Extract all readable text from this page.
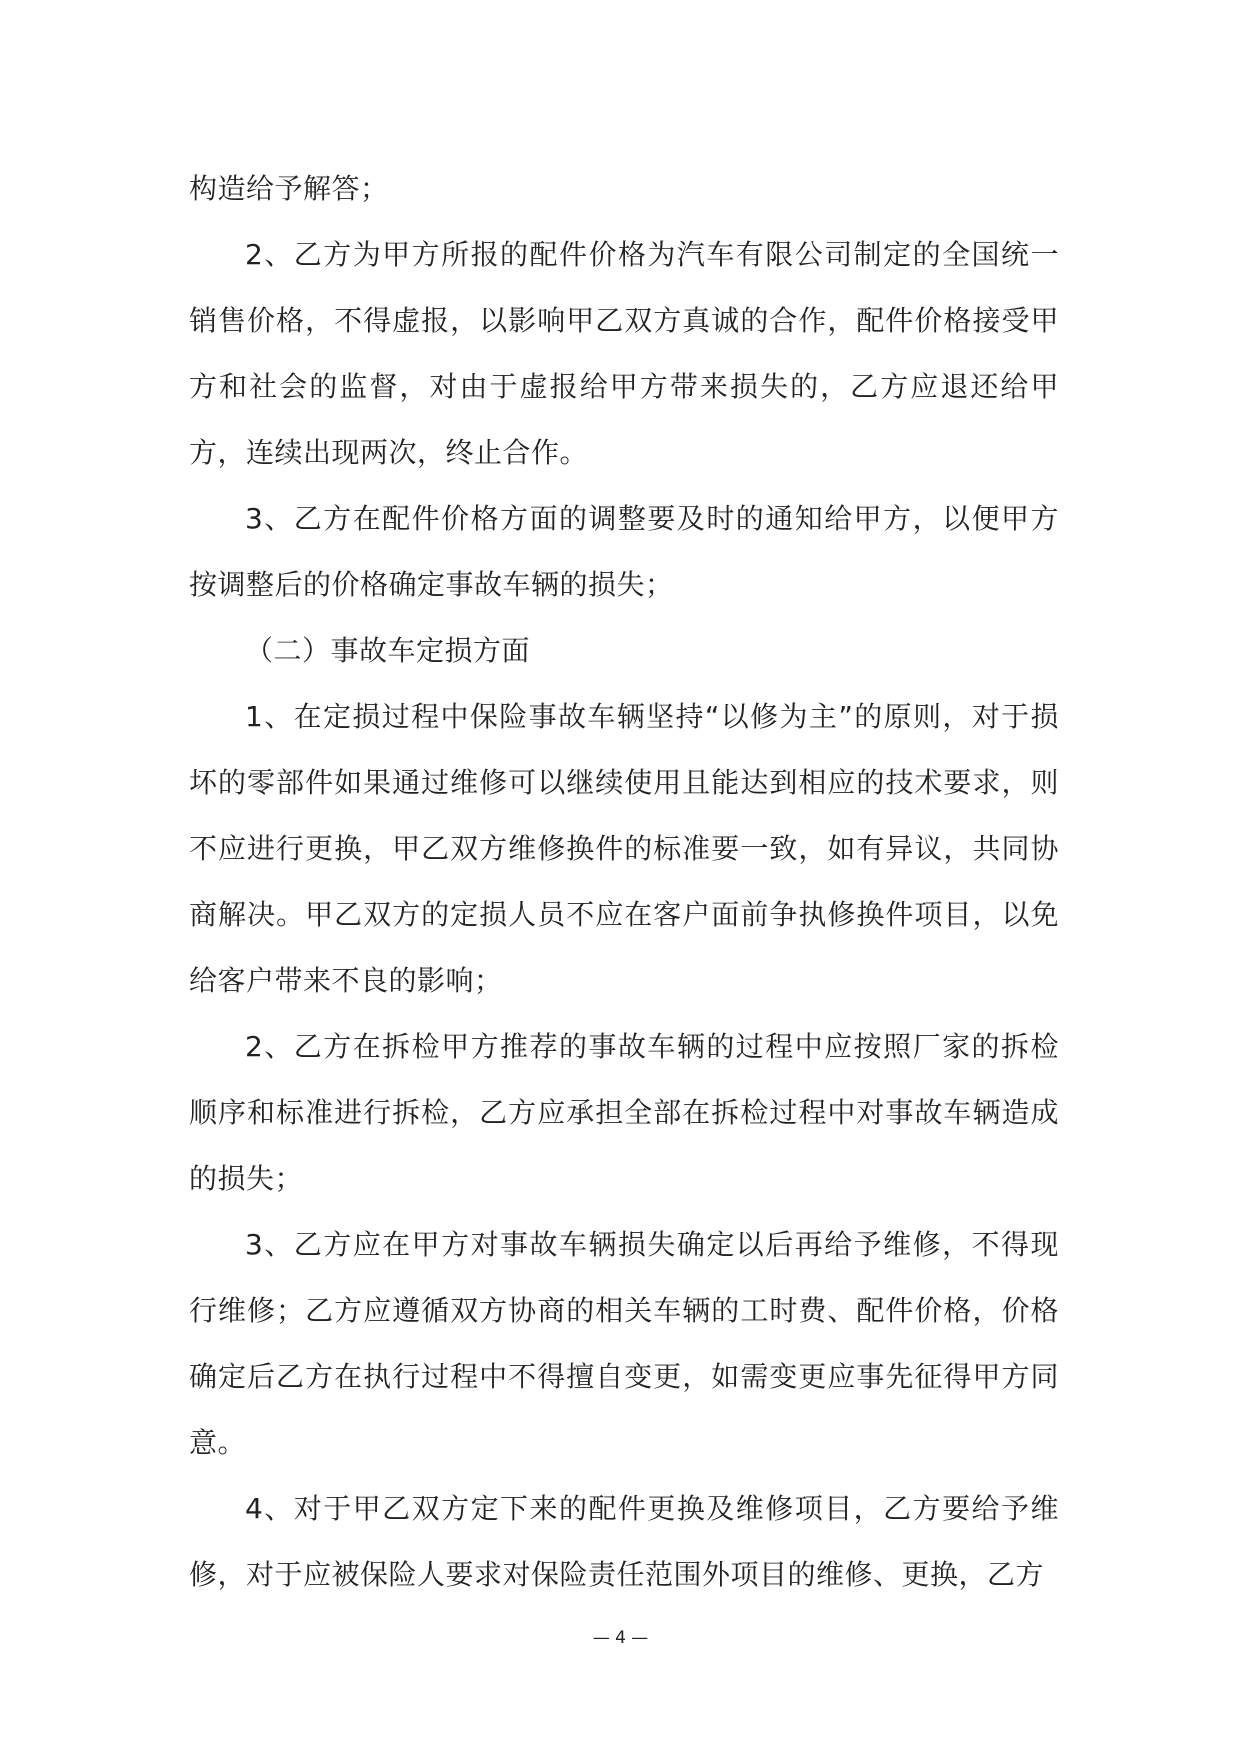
构造给予解答；

2、乙方为甲方所报的配件价格为汽车有限公司制定的全国统一销售价格，不得虚报，以影响甲乙双方真诚的合作，配件价格接受甲方和社会的监督，对由于虚报给甲方带来损失的，乙方应退还给甲方，连续出现两次，终止合作。

3、乙方在配件价格方面的调整要及时的通知给甲方，以便甲方按调整后的价格确定事故车辆的损失；

（二）事故车定损方面

1、在定损过程中保险事故车辆坚持“以修为主”的原则，对于损坏的零部件如果通过维修可以继续使用且能达到相应的技术要求，则不应进行更换，甲乙双方维修换件的标准要一致，如有异议，共同协商解决。甲乙双方的定损人员不应在客户面前争执修换件项目，以免给客户带来不良的影响；

2、乙方在拆检甲方推荐的事故车辆的过程中应按照厂家的拆检顺序和标准进行拆检，乙方应承担全部在拆检过程中对事故车辆造成的损失；

3、乙方应在甲方对事故车辆损失确定以后再给予维修，不得现行维修；乙方应遵循双方协商的相关车辆的工时费、配件价格，价格确定后乙方在执行过程中不得擅自变更，如需变更应事先征得甲方同意。

4、对于甲乙双方定下来的配件更换及维修项目，乙方要给予维修，对于应被保险人要求对保险责任范围外项目的维修、更换，乙方

— 4 —
